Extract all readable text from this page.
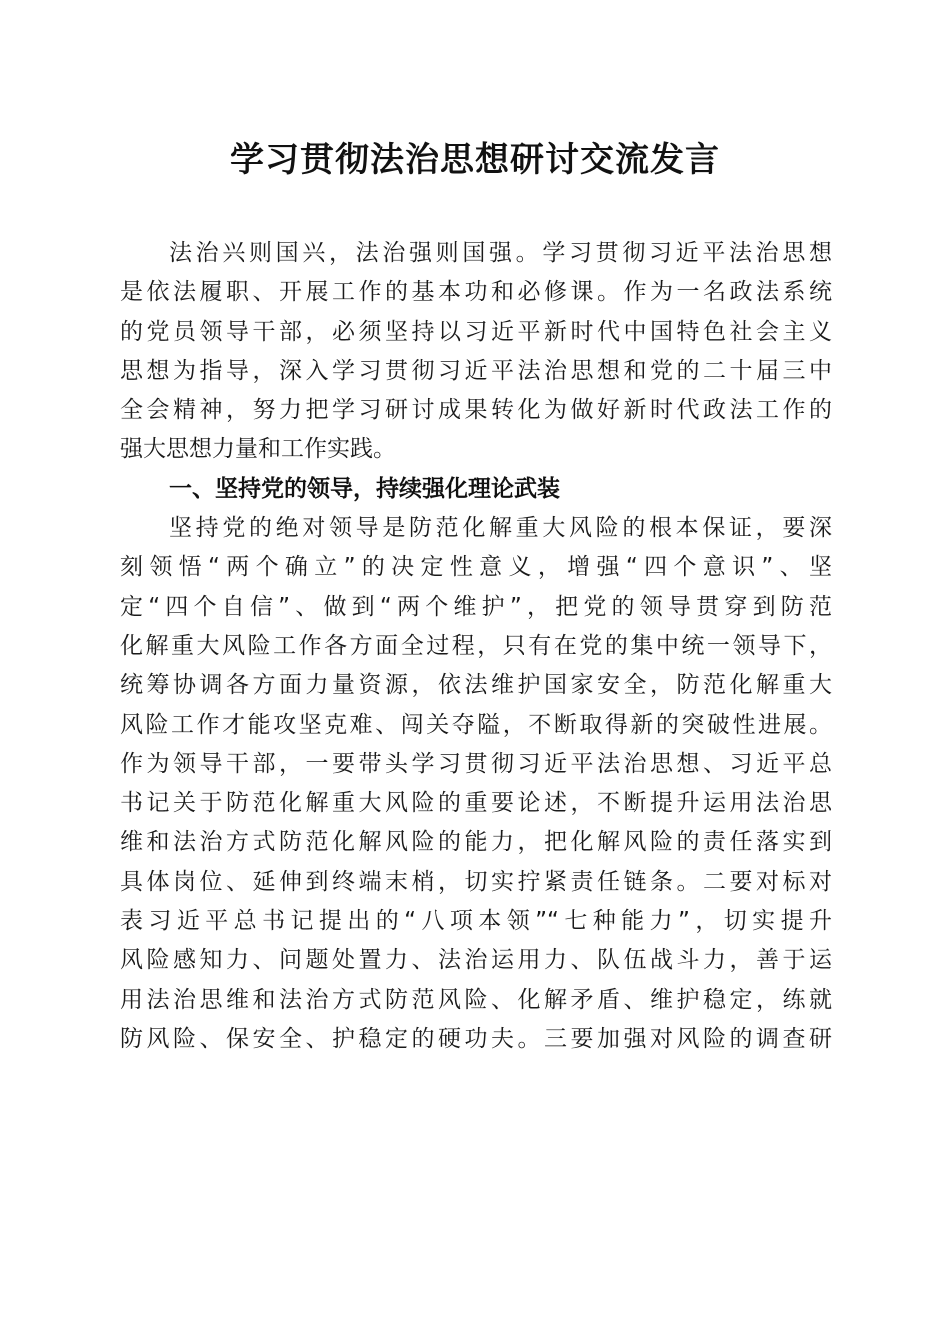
学习贯彻法治思想研讨交流发言
法治兴则国兴，法治强则国强。学习贯彻习近平法治思想
是依法履职、开展工作的基本功和必修课。作为一名政法系统
的党员领导干部，必须坚持以习近平新时代中国特色社会主义
思想为指导，深入学习贯彻习近平法治思想和党的二十届三中
全会精神，努力把学习研讨成果转化为做好新时代政法工作的
强大思想力量和工作实践。
一、坚持党的领导，持续强化理论武装
坚持党的绝对领导是防范化解重大风险的根本保证，要深
刻领悟“两个确立”的决定性意义，增强“四个意识”、坚
定“四个自信”、做到“两个维护”，把党的领导贯穿到防范
化解重大风险工作各方面全过程，只有在党的集中统一领导下，
统筹协调各方面力量资源，依法维护国家安全，防范化解重大
风险工作才能攻坚克难、闯关夺隘，不断取得新的突破性进展。
作为领导干部，一要带头学习贯彻习近平法治思想、习近平总
书记关于防范化解重大风险的重要论述，不断提升运用法治思
维和法治方式防范化解风险的能力，把化解风险的责任落实到
具体岗位、延伸到终端末梢，切实拧紧责任链条。二要对标对
表习近平总书记提出的“八项本领”“七种能力”，切实提升
风险感知力、问题处置力、法治运用力、队伍战斗力，善于运
用法治思维和法治方式防范风险、化解矛盾、维护稳定，练就
防风险、保安全、护稳定的硬功夫。三要加强对风险的调查研
